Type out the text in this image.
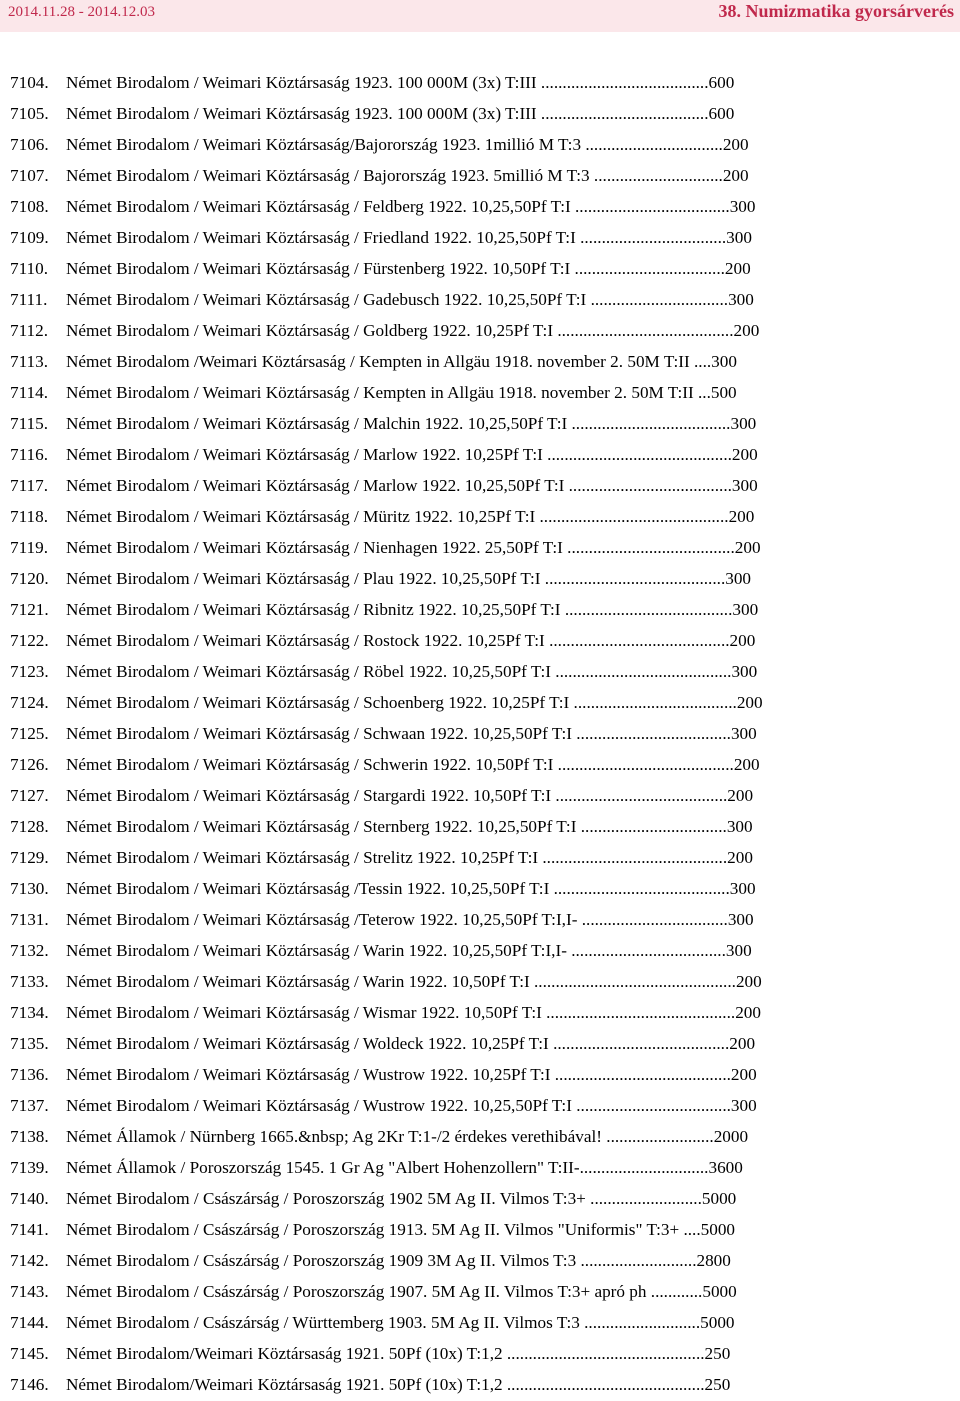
2014.11.28 - 2014.12.03	38. Numizmatika gyorsárverés
7104. Német Birodalom / Weimari Köztársaság 1923. 100 000M (3x) T:III .......................................600
7105. Német Birodalom / Weimari Köztársaság 1923. 100 000M (3x) T:III .......................................600
7106. Német Birodalom / Weimari Köztársaság/Bajorország 1923. 1millió M T:3 ................................200
7107. Német Birodalom / Weimari Köztársaság / Bajorország 1923. 5millió M T:3 ..............................200
7108. Német Birodalom / Weimari Köztársaság / Feldberg 1922. 10,25,50Pf T:I ....................................300
7109. Német Birodalom / Weimari Köztársaság / Friedland 1922. 10,25,50Pf T:I ..................................300
7110. Német Birodalom / Weimari Köztársaság / Fürstenberg 1922. 10,50Pf T:I ...................................200
7111. Német Birodalom / Weimari Köztársaság / Gadebusch 1922. 10,25,50Pf T:I ................................300
7112. Német Birodalom / Weimari Köztársaság / Goldberg 1922. 10,25Pf T:I .........................................200
7113. Német Birodalom /Weimari Köztársaság / Kempten in Allgäu 1918. november 2. 50M T:II ....300
7114. Német Birodalom / Weimari Köztársaság / Kempten in Allgäu 1918. november 2. 50M T:II ...500
7115. Német Birodalom / Weimari Köztársaság / Malchin 1922. 10,25,50Pf T:I .....................................300
7116. Német Birodalom / Weimari Köztársaság / Marlow 1922. 10,25Pf T:I ...........................................200
7117. Német Birodalom / Weimari Köztársaság / Marlow 1922. 10,25,50Pf T:I ......................................300
7118. Német Birodalom / Weimari Köztársaság / Müritz 1922. 10,25Pf T:I ............................................200
7119. Német Birodalom / Weimari Köztársaság / Nienhagen 1922. 25,50Pf T:I .......................................200
7120. Német Birodalom / Weimari Köztársaság / Plau 1922. 10,25,50Pf T:I ..........................................300
7121. Német Birodalom / Weimari Köztársaság / Ribnitz 1922. 10,25,50Pf T:I .......................................300
7122. Német Birodalom / Weimari Köztársaság / Rostock 1922. 10,25Pf T:I ..........................................200
7123. Német Birodalom / Weimari Köztársaság / Röbel 1922. 10,25,50Pf T:I .........................................300
7124. Német Birodalom / Weimari Köztársaság / Schoenberg 1922. 10,25Pf T:I ......................................200
7125. Német Birodalom / Weimari Köztársaság / Schwaan 1922. 10,25,50Pf T:I ....................................300
7126. Német Birodalom / Weimari Köztársaság / Schwerin 1922. 10,50Pf T:I .........................................200
7127. Német Birodalom / Weimari Köztársaság / Stargardi 1922. 10,50Pf T:I ........................................200
7128. Német Birodalom / Weimari Köztársaság / Sternberg 1922. 10,25,50Pf T:I ..................................300
7129. Német Birodalom / Weimari Köztársaság / Strelitz 1922. 10,25Pf T:I ...........................................200
7130. Német Birodalom / Weimari Köztársaság /Tessin 1922. 10,25,50Pf T:I .........................................300
7131. Német Birodalom / Weimari Köztársaság /Teterow 1922. 10,25,50Pf T:I,I- ..................................300
7132. Német Birodalom / Weimari Köztársaság / Warin 1922. 10,25,50Pf T:I,I- ....................................300
7133. Német Birodalom / Weimari Köztársaság / Warin 1922. 10,50Pf T:I ...............................................200
7134. Német Birodalom / Weimari Köztársaság / Wismar 1922. 10,50Pf T:I ............................................200
7135. Német Birodalom / Weimari Köztársaság / Woldeck 1922. 10,25Pf T:I .........................................200
7136. Német Birodalom / Weimari Köztársaság / Wustrow 1922. 10,25Pf T:I .........................................200
7137. Német Birodalom / Weimari Köztársaság / Wustrow 1922. 10,25,50Pf T:I ....................................300
7138. Német Államok / Nürnberg 1665.&nbsp; Ag 2Kr T:1-/2 érdekes verethibával! .........................2000
7139. Német Államok / Poroszország 1545. 1 Gr Ag "Albert Hohenzollern" T:II-..............................3600
7140. Német Birodalom / Császárság / Poroszország 1902 5M Ag II. Vilmos T:3+ ..........................5000
7141. Német Birodalom / Császárság / Poroszország 1913. 5M Ag II. Vilmos "Uniformis" T:3+ ....5000
7142. Német Birodalom / Császárság / Poroszország 1909 3M Ag II. Vilmos T:3 ...........................2800
7143. Német Birodalom / Császárság / Poroszország 1907. 5M Ag II. Vilmos T:3+ apró ph ............5000
7144. Német Birodalom / Császárság / Württemberg 1903. 5M Ag II. Vilmos T:3 ...........................5000
7145. Német Birodalom/Weimari Köztársaság 1921. 50Pf (10x) T:1,2 ..............................................250
7146. Német Birodalom/Weimari Köztársaság 1921. 50Pf (10x) T:1,2 ..............................................250
